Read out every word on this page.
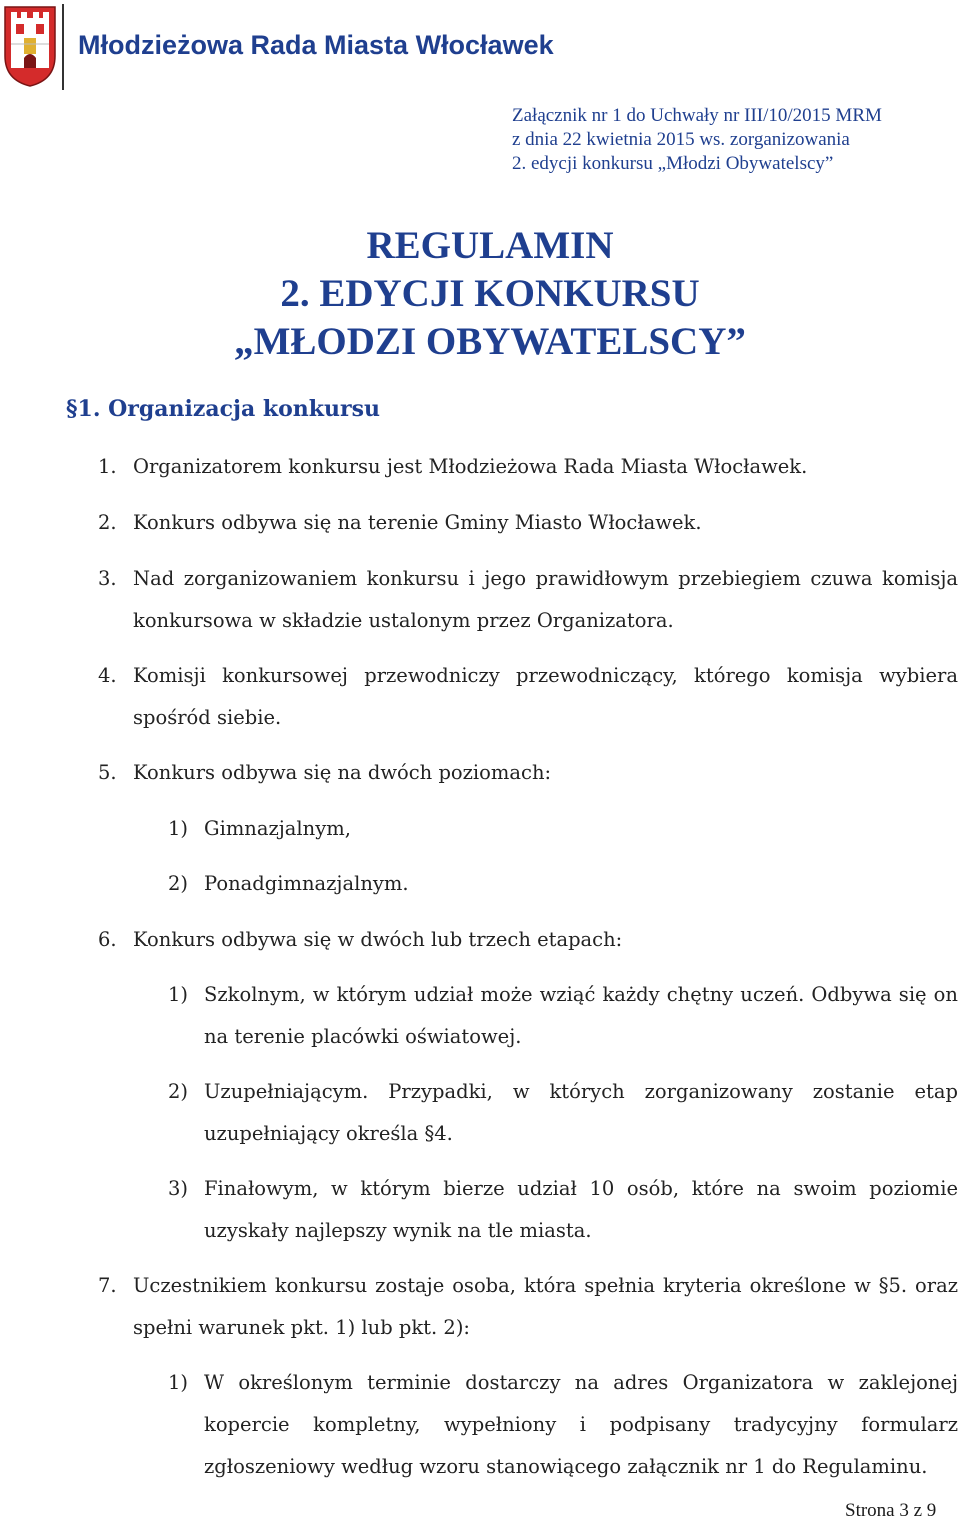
Młodzieżowa Rada Miasta Włocławek
Załącznik nr 1 do Uchwały nr III/10/2015 MRM
z dnia 22 kwietnia 2015 ws. zorganizowania
2. edycji konkursu „Młodzi Obywatelscy”
REGULAMIN
2. EDYCJI KONKURSU
„MŁODZI OBYWATELSCY”
§1. Organizacja konkursu
1. Organizatorem konkursu jest Młodzieżowa Rada Miasta Włocławek.
2. Konkurs odbywa się na terenie Gminy Miasto Włocławek.
3. Nad zorganizowaniem konkursu i jego prawidłowym przebiegiem czuwa komisja konkursowa w składzie ustalonym przez Organizatora.
4. Komisji konkursowej przewodniczy przewodniczący, którego komisja wybiera spośród siebie.
5. Konkurs odbywa się na dwóch poziomach:
1) Gimnazjalnym,
2) Ponadgimnazjalnym.
6. Konkurs odbywa się w dwóch lub trzech etapach:
1) Szkolnym, w którym udział może wziąć każdy chętny uczeń. Odbywa się on na terenie placówki oświatowej.
2) Uzupełniającym. Przypadki, w których zorganizowany zostanie etap uzupełniający określa §4.
3) Finałowym, w którym bierze udział 10 osób, które na swoim poziomie uzyskały najlepszy wynik na tle miasta.
7. Uczestnikiem konkursu zostaje osoba, która spełnia kryteria określone w §5. oraz spełni warunek pkt. 1) lub pkt. 2):
1) W określonym terminie dostarczy na adres Organizatora w zaklejonej kopercie kompletny, wypełniony i podpisany tradycyjny formularz zgłoszeniowy według wzoru stanowiącego załącznik nr 1 do Regulaminu.
Strona 3 z 9
